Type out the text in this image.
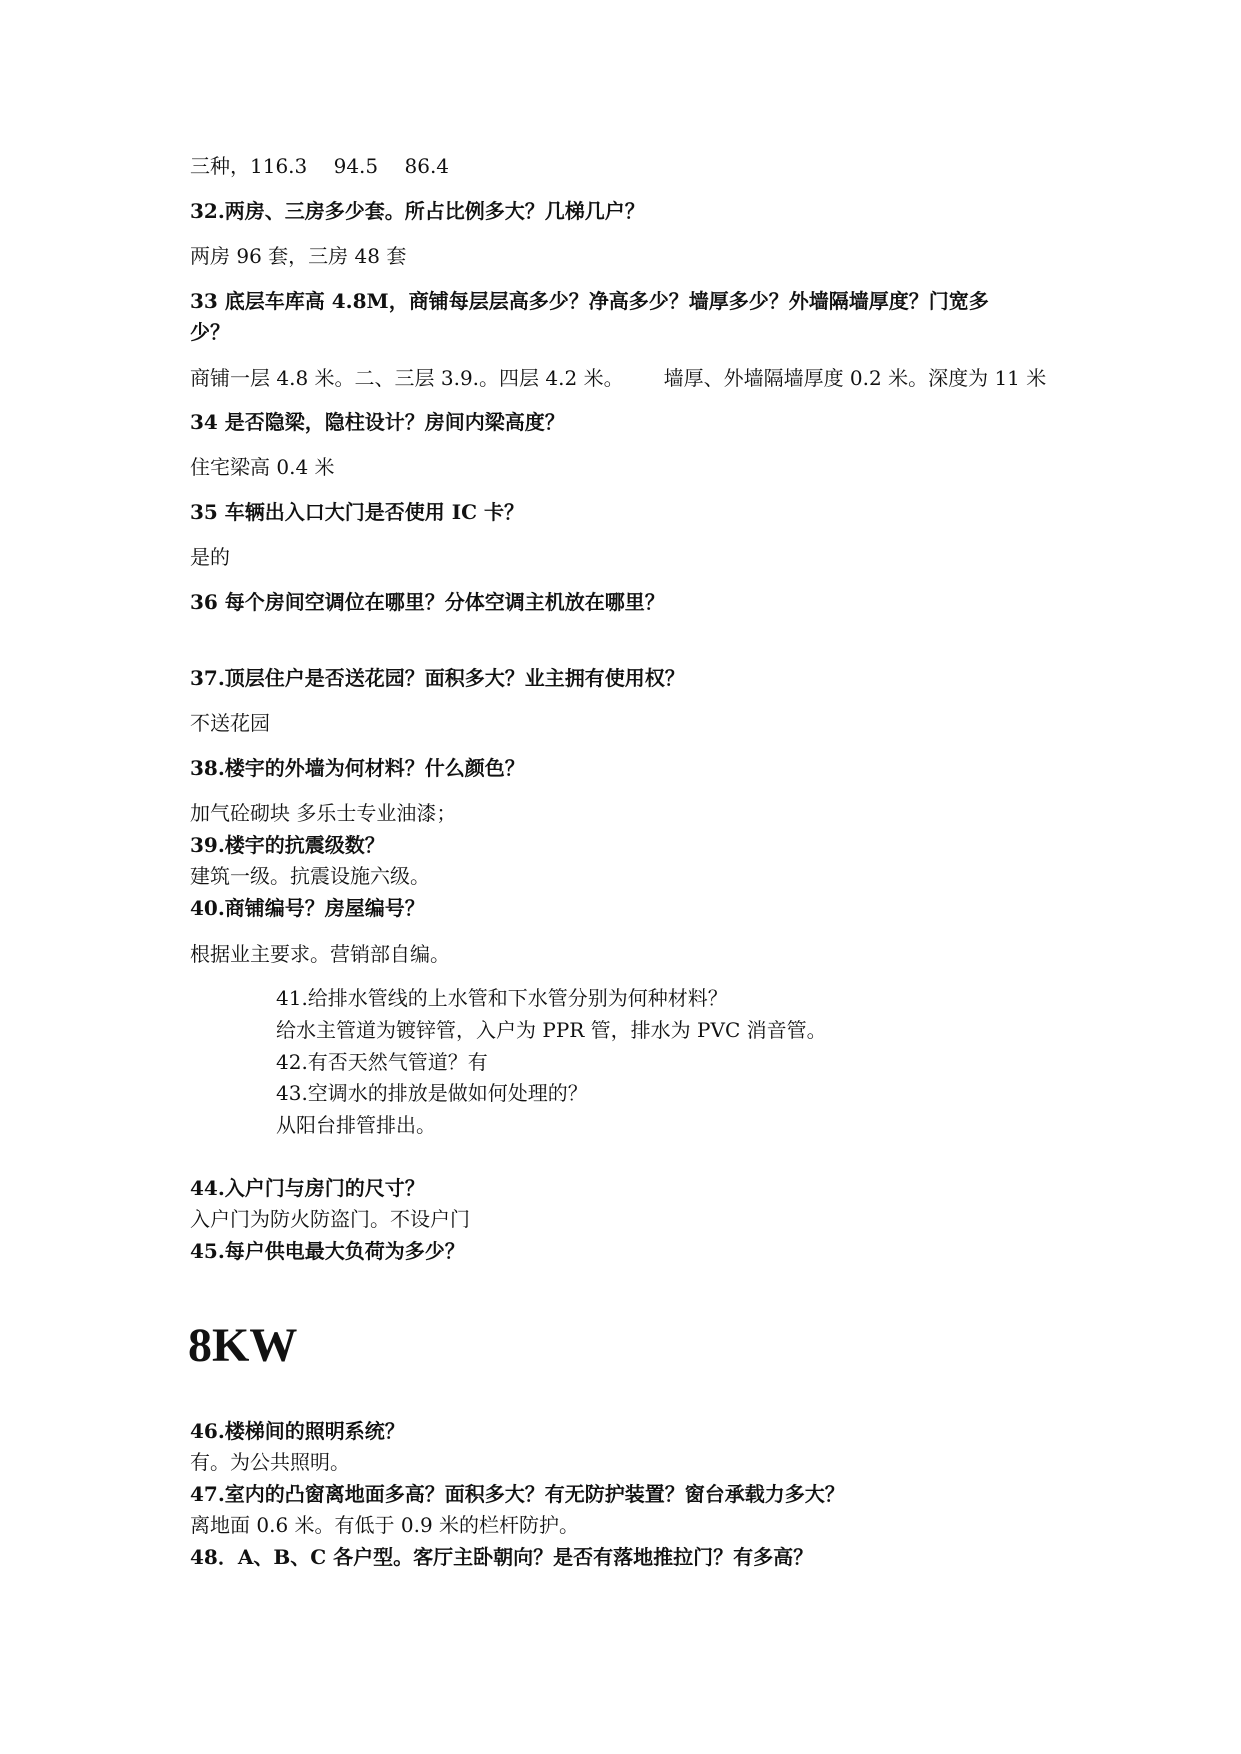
三种，116.3  94.5  86.4
32.两房、三房多少套。所占比例多大？几梯几户？
两房 96 套，三房 48 套
33 底层车库高 4.8M，商铺每层层高多少？净高多少？墙厚多少？外墙隔墙厚度？门宽多
少？
商铺一层 4.8 米。二、三层 3.9.。四层 4.2 米。  墙厚、外墙隔墙厚度 0.2 米。深度为 11 米
34 是否隐梁，隐柱设计？房间内梁高度？
住宅梁高 0.4 米
35 车辆出入口大门是否使用 IC 卡？
是的
36 每个房间空调位在哪里？分体空调主机放在哪里？
37.顶层住户是否送花园？面积多大？业主拥有使用权？
不送花园
38.楼宇的外墙为何材料？什么颜色？
加气砼砌块 多乐士专业油漆；
39.楼宇的抗震级数？
建筑一级。抗震设施六级。
40.商铺编号？房屋编号？
根据业主要求。营销部自编。
41.给排水管线的上水管和下水管分别为何种材料？
给水主管道为镀锌管，入户为 PPR 管，排水为 PVC 消音管。
42.有否天然气管道？有
43.空调水的排放是做如何处理的？
从阳台排管排出。
44.入户门与房门的尺寸？
入户门为防火防盗门。不设户门
45.每户供电最大负荷为多少？
8KW
46.楼梯间的照明系统？
有。为公共照明。
47.室内的凸窗离地面多高？面积多大？有无防护装置？窗台承载力多大？
离地面 0.6 米。有低于 0.9 米的栏杆防护。
48．A、B、C 各户型。客厅主卧朝向？是否有落地推拉门？有多高？
